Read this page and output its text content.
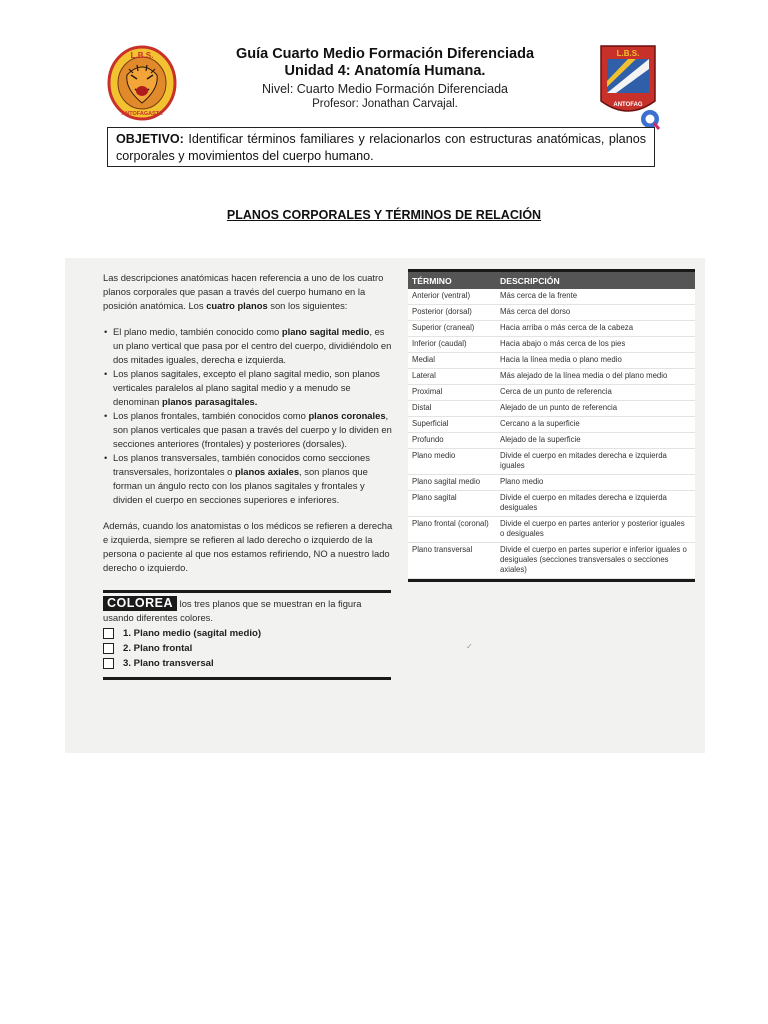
L.B.S.
ANTOFAGASTA
Guía Cuarto Medio Formación Diferenciada
Unidad 4: Anatomía Humana.
Nivel: Cuarto Medio Formación Diferenciada
Profesor: Jonathan Carvajal.
L.B.S.
ANTOFAG
OBJETIVO: Identificar términos familiares y relacionarlos con estructuras anatómicas, planos corporales y movimientos del cuerpo humano.
PLANOS CORPORALES Y TÉRMINOS DE RELACIÓN

Las descripciones anatómicas hacen referencia a uno de los cuatro planos corporales que pasan a través del cuerpo humano en la posición anatómica. Los cuatro planos son los siguientes:

• El plano medio, también conocido como plano sagital medio, es un plano vertical que pasa por el centro del cuerpo, dividiéndolo en dos mitades iguales, derecha e izquierda.
• Los planos sagitales, excepto el plano sagital medio, son planos verticales paralelos al plano sagital medio y a menudo se denominan planos parasagitales.
• Los planos frontales, también conocidos como planos coronales, son planos verticales que pasan a través del cuerpo y lo dividen en secciones anteriores (frontales) y posteriores (dorsales).
• Los planos transversales, también conocidos como secciones transversales, horizontales o planos axiales, son planos que forman un ángulo recto con los planos sagitales y frontales y dividen el cuerpo en secciones superiores e inferiores.

Además, cuando los anatomistas o los médicos se refieren a derecha e izquierda, siempre se refieren al lado derecho o izquierdo de la persona o paciente al que nos estamos refiriendo, NO a nuestro lado derecho o izquierdo.

COLOREA los tres planos que se muestran en la figura usando diferentes colores.
1. Plano medio (sagital medio)
2. Plano frontal
3. Plano transversal
TÉRMINO	DESCRIPCIÓN
Anterior (ventral)	Más cerca de la frente
Posterior (dorsal)	Más cerca del dorso
Superior (craneal)	Hacia arriba o más cerca de la cabeza
Inferior (caudal)	Hacia abajo o más cerca de los pies
Medial	Hacia la línea media o plano medio
Lateral	Más alejado de la línea media o del plano medio
Proximal	Cerca de un punto de referencia
Distal	Alejado de un punto de referencia
Superficial	Cercano a la superficie
Profundo	Alejado de la superficie
Plano medio	Divide el cuerpo en mitades derecha e izquierda iguales
Plano sagital medio	Plano medio
Plano sagital	Divide el cuerpo en mitades derecha e izquierda desiguales
Plano frontal (coronal)	Divide el cuerpo en partes anterior y posterior iguales o desiguales
Plano transversal	Divide el cuerpo en partes superior e inferior iguales o desiguales (secciones transversales o secciones axiales)
✓
